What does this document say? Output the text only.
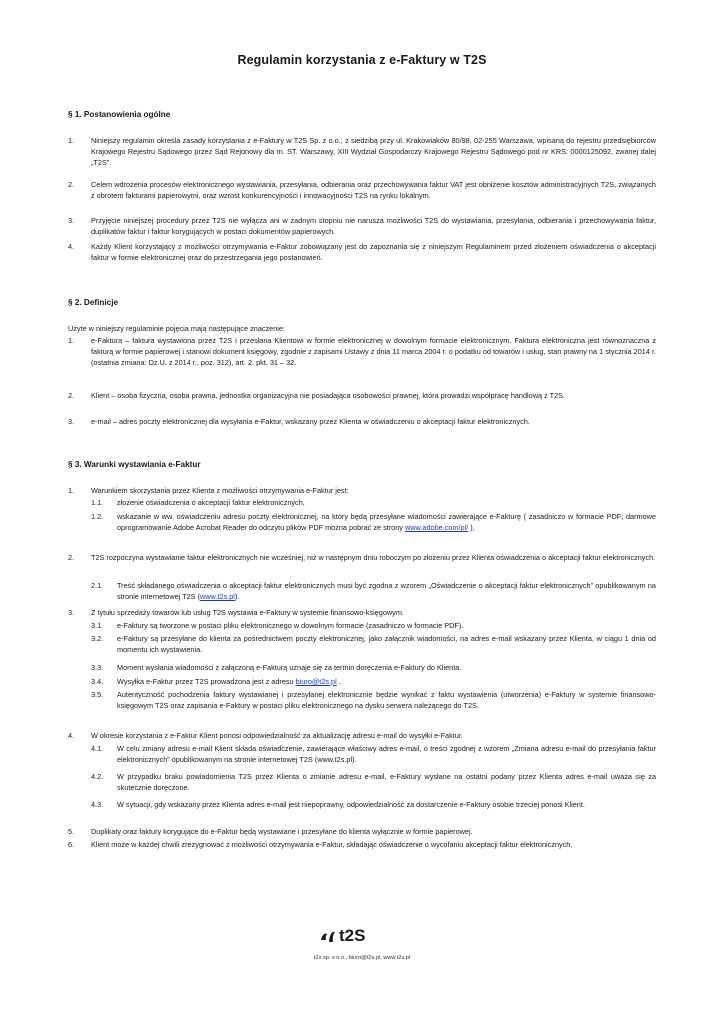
Regulamin korzystania z e-Faktury w T2S
§ 1. Postanowienia ogólne
1. Niniejszy regulamin określa zasady korzystania z e-Faktury w T2S Sp. z o.o., z siedzibą przy ul. Krakowiaków 80/98, 02-255 Warszawa, wpisaną do rejestru przedsiębiorców Krajowego Rejestru Sądowego przez Sąd Rejonowy dla m. ST. Warszawy, XIII Wydział Gospodarczy Krajowego Rejestru Sądowego pod nr KRS: 0000125092, zwanej dalej „T2S”.
2. Celem wdrożenia procesów elektronicznego wystawiania, przesyłania, odbierania oraz przechowywania faktur VAT jest obniżenie kosztów administracyjnych T2S, związanych z obrotem fakturami papierowymi, oraz wzrost konkurencyjności i innowacyjności T2S na rynku lokalnym.
3. Przyjęcie niniejszej procedury przez T2S nie wyłącza ani w żadnym stopniu nie narusza możliwości T2S do wystawiania, przesyłania, odbierania i przechowywania faktur, duplikatów faktur i faktur korygujących w postaci dokumentów papierowych.
4. Każdy Klient korzystający z możliwości otrzymywania e-Faktur zobowiązany jest do zapoznania się z niniejszym Regulaminem przed złożeniem oświadczenia o akceptacji faktur w formie elektronicznej oraz do przestrzegania jego postanowień.
§ 2. Definicje
Użyte w niniejszy regulaminie pojęcia mają następujące znaczenie:
1. e-Faktura – faktura wystawiona przez T2S i przesłana Klientowi w formie elektronicznej w dowolnym formacie elektronicznym. Faktura elektroniczna jest równoznaczna z fakturą w formie papierowej i stanowi dokument księgowy, zgodnie z zapisami Ustawy z dnia 11 marca 2004 r. o podatku od towarów i usług, stan prawny na 1 stycznia 2014 r. (ostatnia zmiana: Dz.U. z 2014 r., poz. 312), art. 2. pkt. 31 – 32.
2. Klient – osoba fizyczna, osoba prawna, jednostka organizacyjna nie posiadająca osobowości prawnej, która prowadzi współpracę handlową z T2S.
3. e-mail – adres poczty elektronicznej dla wysyłania e-Faktur, wskazany przez Klienta w oświadczeniu o akceptacji faktur elektronicznych.
§ 3. Warunki wystawiania e-Faktur
1. Warunkiem skorzystania przez Klienta z możliwości otrzymywania e-Faktur jest:
1.1. złożenie oświadczenia o akceptacji faktur elektronicznych,
1.2. wskazanie w ww. oświadczeniu adresu poczty elektronicznej, na który będą przesyłane wiadomości zawierające e-Fakturę ( zasadniczo w formacie PDF; darmowe oprogramowanie Adobe Acrobat Reader do odczytu plików PDF można pobrać ze strony www.adobe.com/pl/ ),
2. T2S rozpoczyna wystawianie faktur elektronicznych nie wcześniej, niż w następnym dniu roboczym po złożeniu przez Klienta oświadczenia o akceptacji faktur elektronicznych.
2.1. Treść składanego oświadczenia o akceptacji faktur elektronicznych musi być zgodna z wzorem „Oświadczenie o akceptacji faktur elektronicznych” opublikowanym na stronie internetowej T2S (www.t2s.pl).
3. Z tytułu sprzedaży towarów lub usług T2S wystawia e-Faktury w systemie finansowo-księgowym.
3.1. e-Faktury są tworzone w postaci pliku elektronicznego w dowolnym formacie (zasadniczo w formacie PDF).
3.2. e-Faktury są przesyłane do klienta za pośrednictwem poczty elektronicznej, jako załącznik wiadomości, na adres e-mail wskazany przez Klienta, w ciągu 1 dnia od momentu ich wystawienia.
3.3. Moment wysłania wiadomości z załączoną e-Fakturą uznaje się za termin doręczenia e-Faktury do Klienta.
3.4. Wysyłka e-Faktur przez T2S prowadzona jest z adresu biuro@t2s.pl .
3.5. Autentyczność pochodzenia faktury wystawianej i przesyłanej elektronicznie będzie wynikać z faktu wystawienia (utworzenia) e-Faktury w systemie finansowo-księgowym T2S oraz zapisania e-Faktury w postaci pliku elektronicznego na dysku serwera należącego do T2S.
4. W okresie korzystania z e-Faktur Klient ponosi odpowiedzialność za aktualizację adresu e-mail do wysyłki e-Faktur.
4.1. W celu zmiany adresu e-mail Klient składa oświadczenie, zawierające właściwy adres e-mail, o treści zgodnej z wzorem „Zmiana adresu e-mail do przesyłania faktur elektronicznych” opublikowanym na stronie internetowej T2S (www.t2s.pl).
4.2. W przypadku braku powiadomienia T2S przez Klienta o zmianie adresu e-mail, e-Faktury wysłane na ostatni podany przez Klienta adres e-mail uważa się za skutecznie doręczone.
4.3. W sytuacji, gdy wskazany przez Klienta adres e-mail jest niepoprawny, odpowiedzialność za dostarczenie e-Faktury osobie trzeciej ponosi Klient.
5. Duplikaty oraz faktury korygujące do e-Faktur będą wystawiane i przesyłane do klienta wyłącznie w formie papierowej.
6. Klient może w każdej chwili zrezygnować z możliwości otrzymywania e-Faktur, składając oświadczenie o wycofaniu akceptacji faktur elektronicznych.
t2S
t2s sp. z o.o., biuro@t2s.pl, www.t2s.pl
